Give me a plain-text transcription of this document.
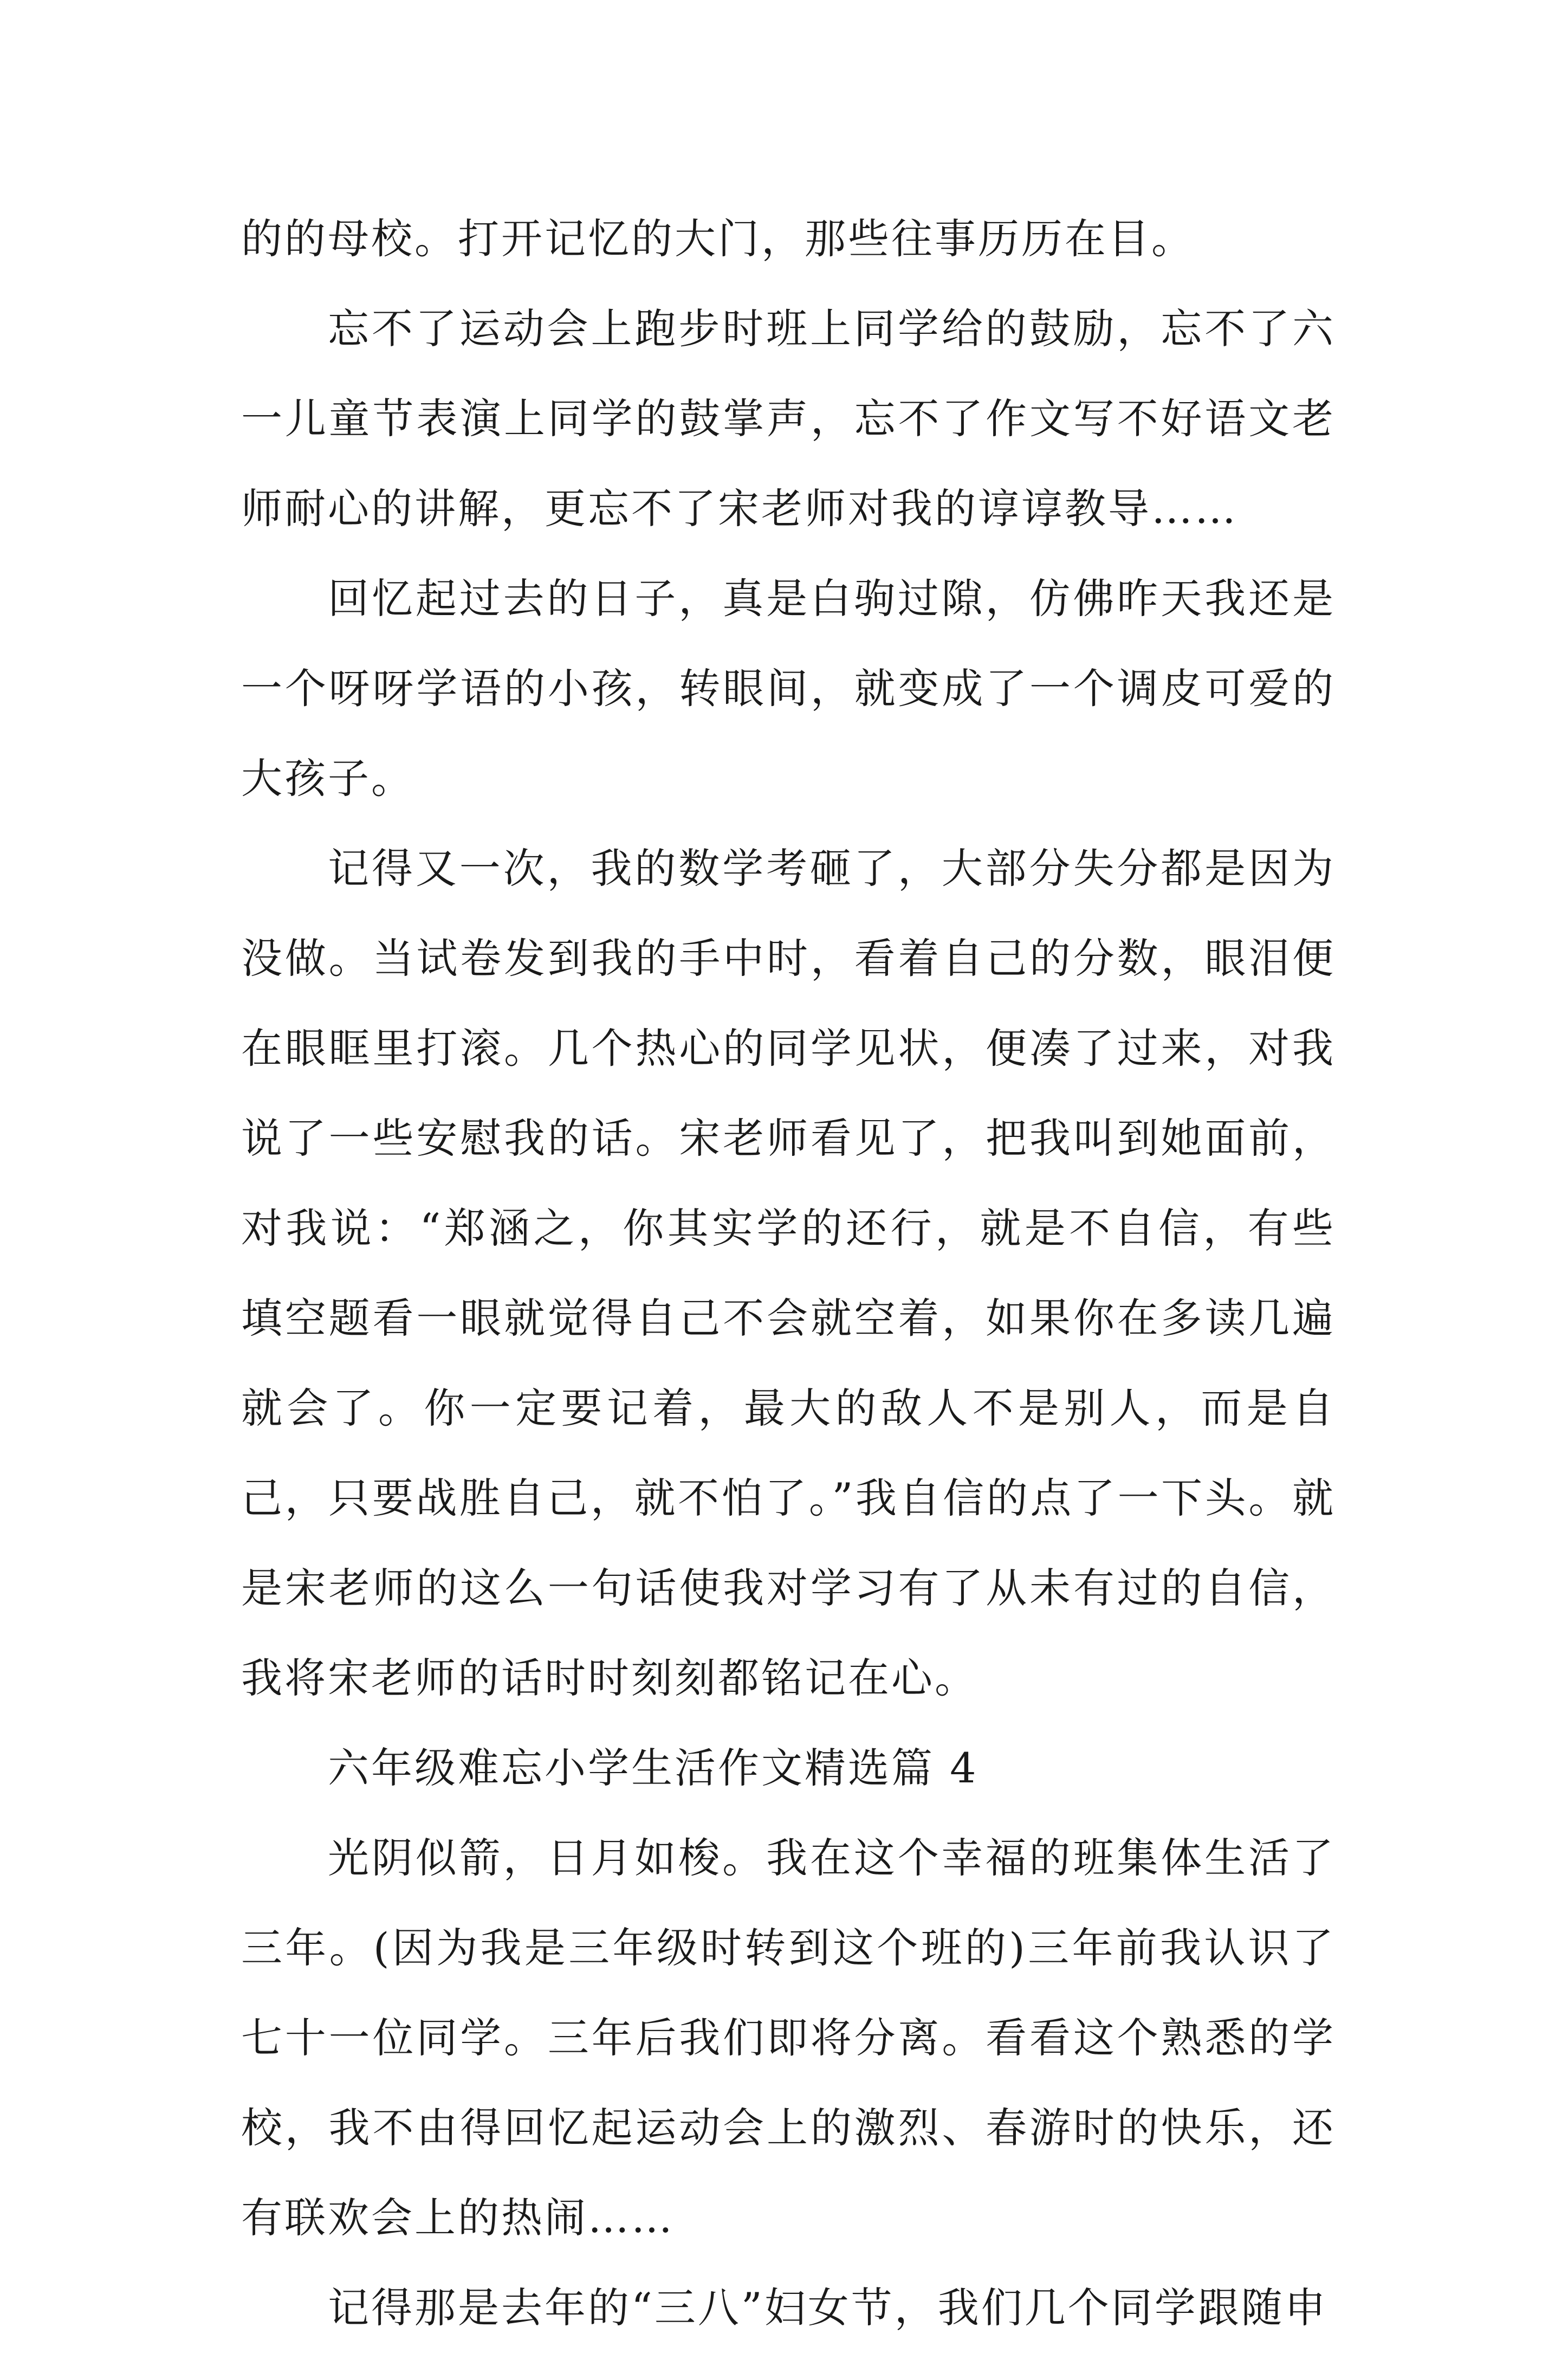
的的母校。打开记忆的大门，那些往事历历在目。

忘不了运动会上跑步时班上同学给的鼓励，忘不了六一儿童节表演上同学的鼓掌声，忘不了作文写不好语文老师耐心的讲解，更忘不了宋老师对我的谆谆教导……

回忆起过去的日子，真是白驹过隙，仿佛昨天我还是一个呀呀学语的小孩，转眼间，就变成了一个调皮可爱的大孩子。

记得又一次，我的数学考砸了，大部分失分都是因为没做。当试卷发到我的手中时，看着自己的分数，眼泪便在眼眶里打滚。几个热心的同学见状，便凑了过来，对我说了一些安慰我的话。宋老师看见了，把我叫到她面前，对我说：“郑涵之，你其实学的还行，就是不自信，有些填空题看一眼就觉得自己不会就空着，如果你在多读几遍就会了。你一定要记着，最大的敌人不是别人，而是自己，只要战胜自己，就不怕了。”我自信的点了一下头。就是宋老师的这么一句话使我对学习有了从未有过的自信，我将宋老师的话时时刻刻都铭记在心。

六年级难忘小学生活作文精选篇 4

光阴似箭，日月如梭。我在这个幸福的班集体生活了三年。(因为我是三年级时转到这个班的)三年前我认识了七十一位同学。三年后我们即将分离。看看这个熟悉的学校，我不由得回忆起运动会上的激烈、春游时的快乐，还有联欢会上的热闹……

记得那是去年的“三八”妇女节，我们几个同学跟随申
